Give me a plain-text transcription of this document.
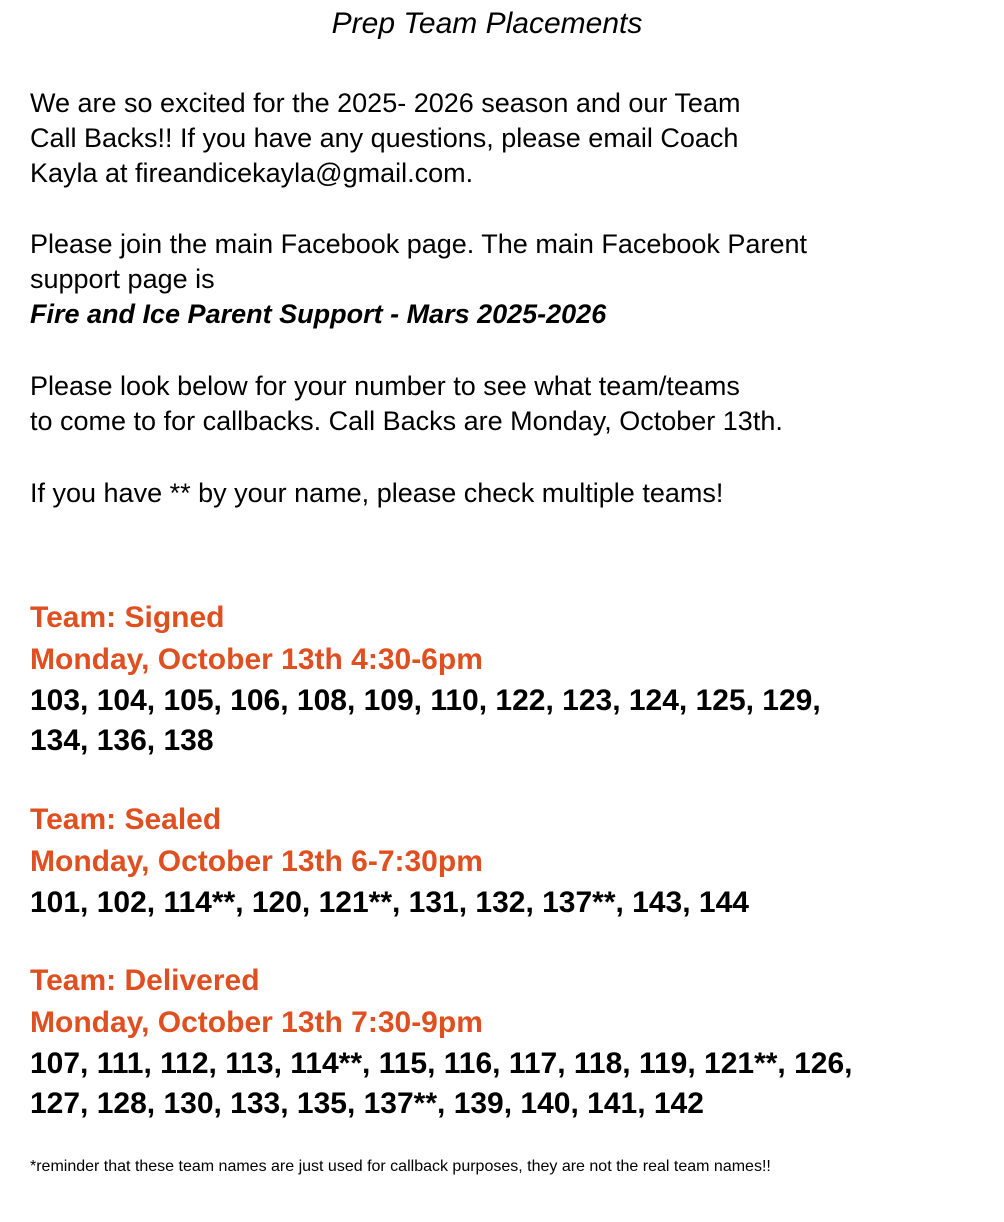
Prep Team Placements
We are so excited for the 2025- 2026 season and our Team
Call Backs!! If you have any questions, please email Coach
Kayla at fireandicekayla@gmail.com.
Please join the main Facebook page. The main Facebook Parent
support page is
Fire and Ice Parent Support - Mars 2025-2026
Please look below for your number to see what team/teams
to come to for callbacks. Call Backs are Monday, October 13th.
If you have ** by your name, please check multiple teams!
Team: Signed
Monday, October 13th 4:30-6pm
103, 104, 105, 106, 108, 109, 110, 122, 123, 124, 125, 129,
134, 136, 138
Team: Sealed
Monday, October 13th 6-7:30pm
101, 102, 114**, 120, 121**, 131, 132, 137**, 143, 144
Team: Delivered
Monday, October 13th 7:30-9pm
107, 111, 112, 113, 114**, 115, 116, 117, 118, 119, 121**, 126,
127, 128, 130, 133, 135, 137**, 139, 140, 141, 142

*reminder that these team names are just used for callback purposes, they are not the real team names!!
